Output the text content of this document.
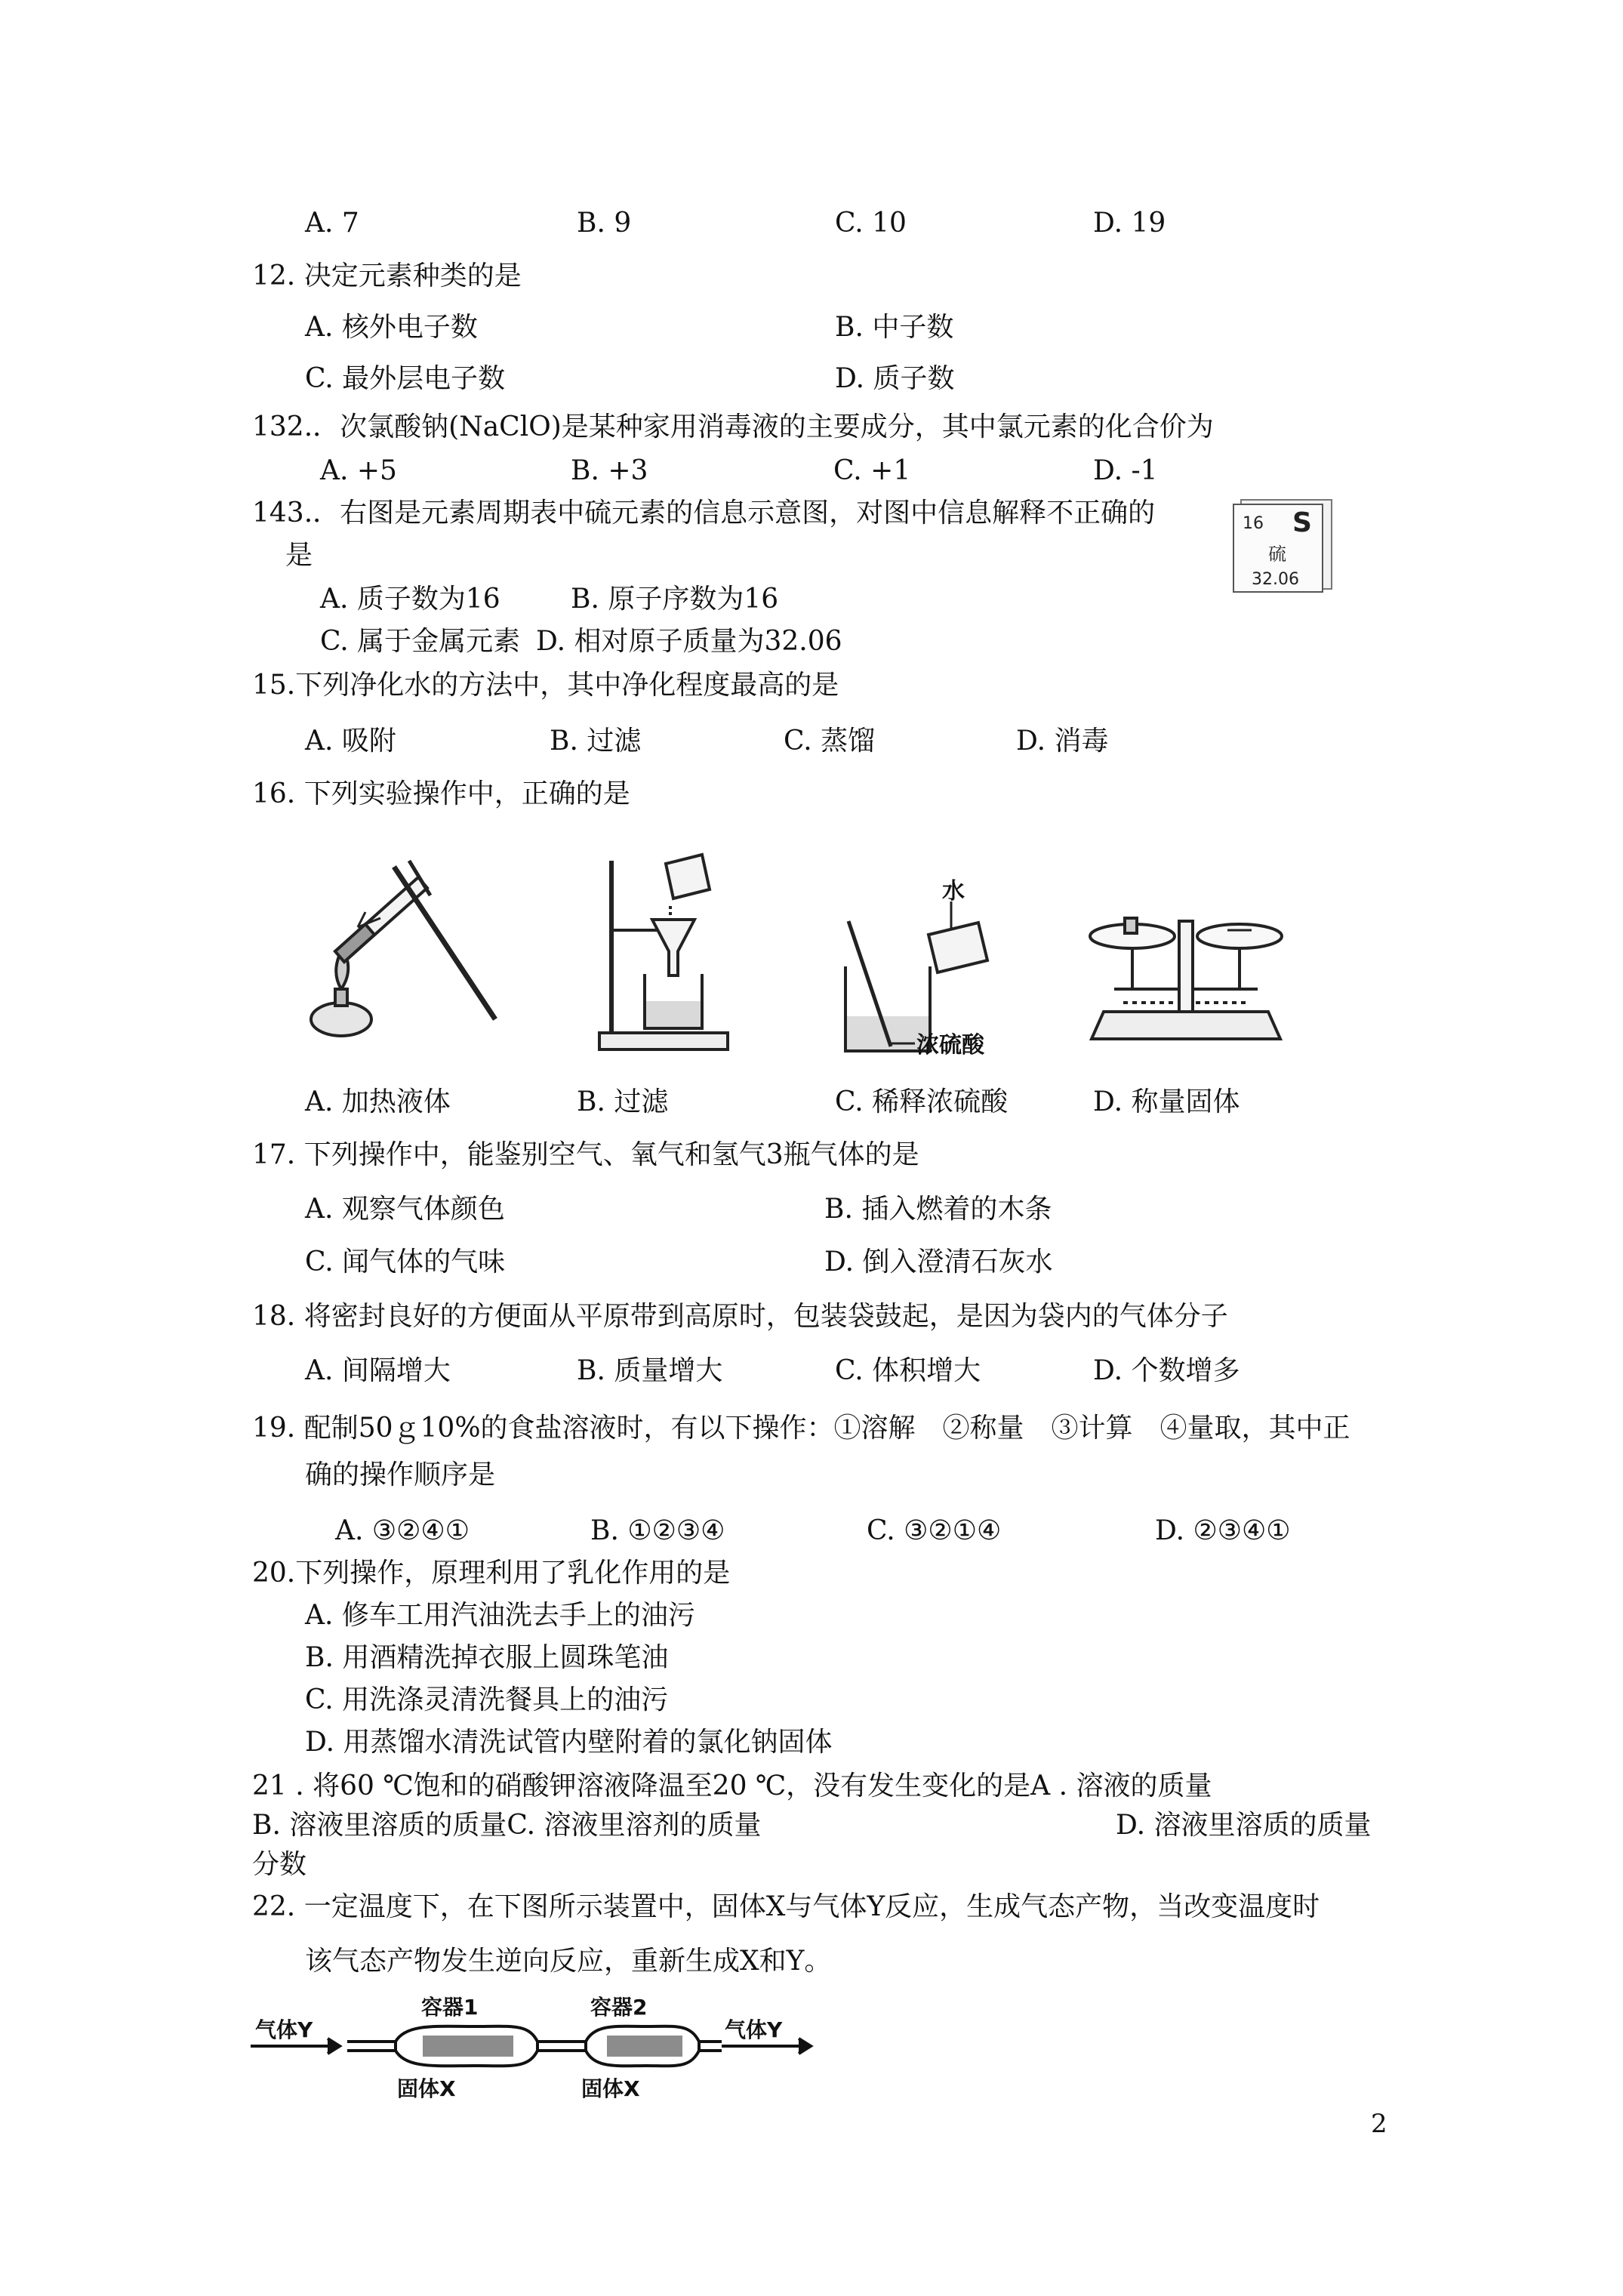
A. 7	B. 9	C. 10	D. 19
12. 决定元素种类的是
A. 核外电子数	B. 中子数
C. 最外层电子数	D. 质子数
132.．次氯酸钠(NaClO)是某种家用消毒液的主要成分，其中氯元素的化合价为
A. +5	B. +3	C. +1	D. -1
143.．右图是元素周期表中硫元素的信息示意图，对图中信息解释不正确的
是
A. 质子数为16	B. 原子序数为16
C. 属于金属元素 D. 相对原子质量为32.06
16 S
硫
32.06
15.下列净化水的方法中，其中净化程度最高的是
A. 吸附	B. 过滤	C. 蒸馏	D. 消毒
16. 下列实验操作中，正确的是
水
浓硫酸
A. 加热液体	B. 过滤	C. 稀释浓硫酸	D. 称量固体
17. 下列操作中，能鉴别空气、氧气和氢气3瓶气体的是
A. 观察气体颜色	B. 插入燃着的木条
C. 闻气体的气味	D. 倒入澄清石灰水
18. 将密封良好的方便面从平原带到高原时，包装袋鼓起，是因为袋内的气体分子
A. 间隔增大	B. 质量增大	C. 体积增大	D. 个数增多
19. 配制50ｇ10%的食盐溶液时，有以下操作：①溶解　②称量　③计算　④量取，其中正
确的操作顺序是
A. ③②④①	B. ①②③④	C. ③②①④	D. ②③④①
20.下列操作，原理利用了乳化作用的是
A. 修车工用汽油洗去手上的油污
B. 用酒精洗掉衣服上圆珠笔油
C. 用洗涤灵清洗餐具上的油污
D. 用蒸馏水清洗试管内壁附着的氯化钠固体
21 . 将60 ℃饱和的硝酸钾溶液降温至20 ℃，没有发生变化的是A . 溶液的质量
B. 溶液里溶质的质量C. 溶液里溶剂的质量	D. 溶液里溶质的质量
分数
22. 一定温度下，在下图所示装置中，固体X与气体Y反应，生成气态产物，当改变温度时
该气态产物发生逆向反应，重新生成X和Y。
气体Y
容器1	容器2
气体Y
固体X	固体X
2
